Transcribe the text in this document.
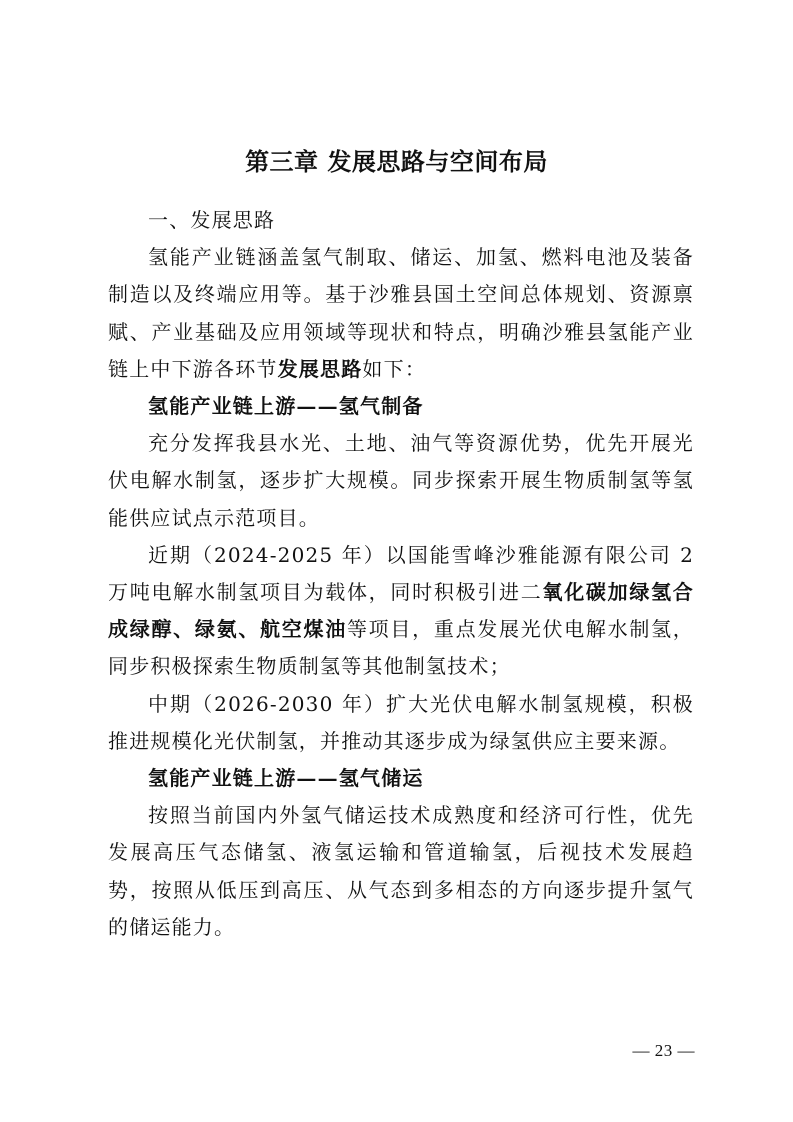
第三章 发展思路与空间布局

一、发展思路

氢能产业链涵盖氢气制取、储运、加氢、燃料电池及装备制造以及终端应用等。基于沙雅县国土空间总体规划、资源禀赋、产业基础及应用领域等现状和特点，明确沙雅县氢能产业链上中下游各环节发展思路如下：

氢能产业链上游——氢气制备

充分发挥我县水光、土地、油气等资源优势，优先开展光伏电解水制氢，逐步扩大规模。同步探索开展生物质制氢等氢能供应试点示范项目。

近期（2024-2025 年）以国能雪峰沙雅能源有限公司 2 万吨电解水制氢项目为载体，同时积极引进二氧化碳加绿氢合成绿醇、绿氨、航空煤油等项目，重点发展光伏电解水制氢，同步积极探索生物质制氢等其他制氢技术；

中期（2026-2030 年）扩大光伏电解水制氢规模，积极推进规模化光伏制氢，并推动其逐步成为绿氢供应主要来源。

氢能产业链上游——氢气储运

按照当前国内外氢气储运技术成熟度和经济可行性，优先发展高压气态储氢、液氢运输和管道输氢，后视技术发展趋势，按照从低压到高压、从气态到多相态的方向逐步提升氢气的储运能力。

— 23 —
